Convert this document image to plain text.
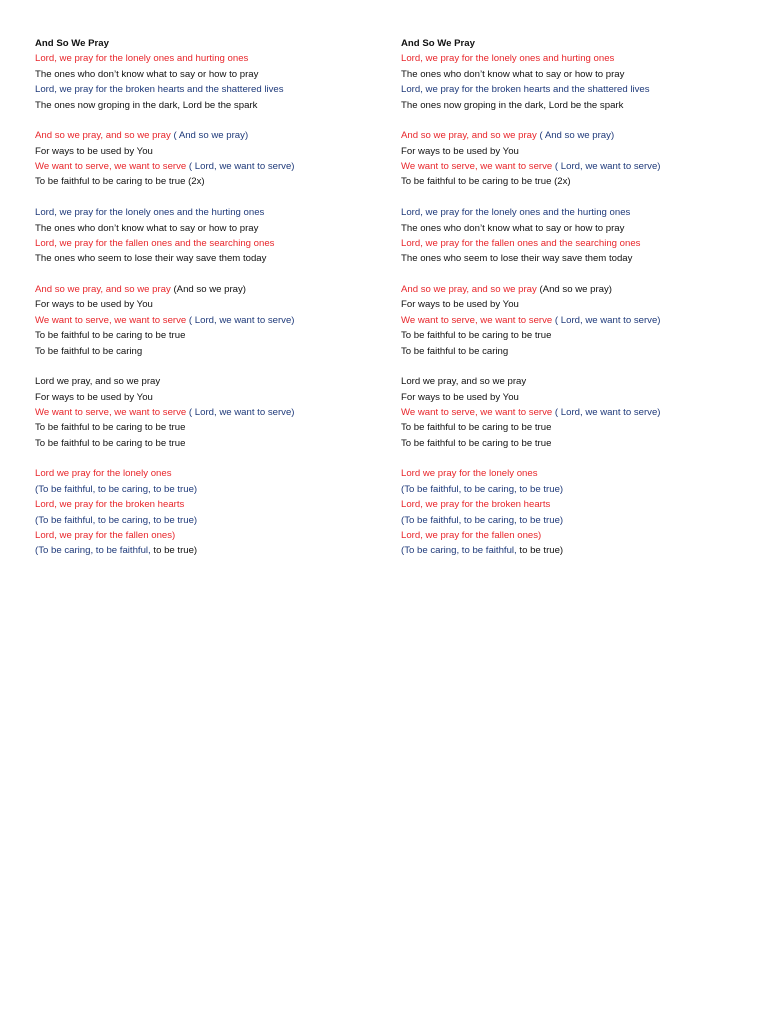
And So We Pray
Lord, we pray for the lonely ones and hurting ones
The ones who don’t know what to say or how to pray
Lord, we pray for the broken hearts and the shattered lives
The ones now groping in the dark, Lord be the spark
And so we pray, and so we pray ( And so we pray)
For ways to be used by You
We want to serve, we want to serve ( Lord, we want to serve)
To be faithful to be caring to be true (2x)
Lord, we pray for the lonely ones and the hurting ones
The ones who don’t know what to say or how to pray
Lord, we pray for the fallen ones and the searching ones
The ones who seem to lose their way save them today
And so we pray, and so we pray (And so we pray)
For ways to be used by You
We want to serve, we want to serve ( Lord, we want to serve)
To be faithful to be caring to be true
To be faithful to be caring
Lord we pray, and so we pray
For ways to be used by You
We want to serve, we want to serve ( Lord, we want to serve)
To be faithful to be caring to be true
To be faithful to be caring to be true
Lord we pray for the lonely ones
(To be faithful, to be caring, to be true)
Lord, we pray for the broken hearts
(To be faithful, to be caring, to be true)
Lord, we pray for the fallen ones)
(To be caring, to be faithful, to be true)
And So We Pray
Lord, we pray for the lonely ones and hurting ones
The ones who don’t know what to say or how to pray
Lord, we pray for the broken hearts and the shattered lives
The ones now groping in the dark, Lord be the spark
And so we pray, and so we pray ( And so we pray)
For ways to be used by You
We want to serve, we want to serve ( Lord, we want to serve)
To be faithful to be caring to be true (2x)
Lord, we pray for the lonely ones and the hurting ones
The ones who don’t know what to say or how to pray
Lord, we pray for the fallen ones and the searching ones
The ones who seem to lose their way save them today
And so we pray, and so we pray (And so we pray)
For ways to be used by You
We want to serve, we want to serve ( Lord, we want to serve)
To be faithful to be caring to be true
To be faithful to be caring
Lord we pray, and so we pray
For ways to be used by You
We want to serve, we want to serve ( Lord, we want to serve)
To be faithful to be caring to be true
To be faithful to be caring to be true
Lord we pray for the lonely ones
(To be faithful, to be caring, to be true)
Lord, we pray for the broken hearts
(To be faithful, to be caring, to be true)
Lord, we pray for the fallen ones)
(To be caring, to be faithful, to be true)
